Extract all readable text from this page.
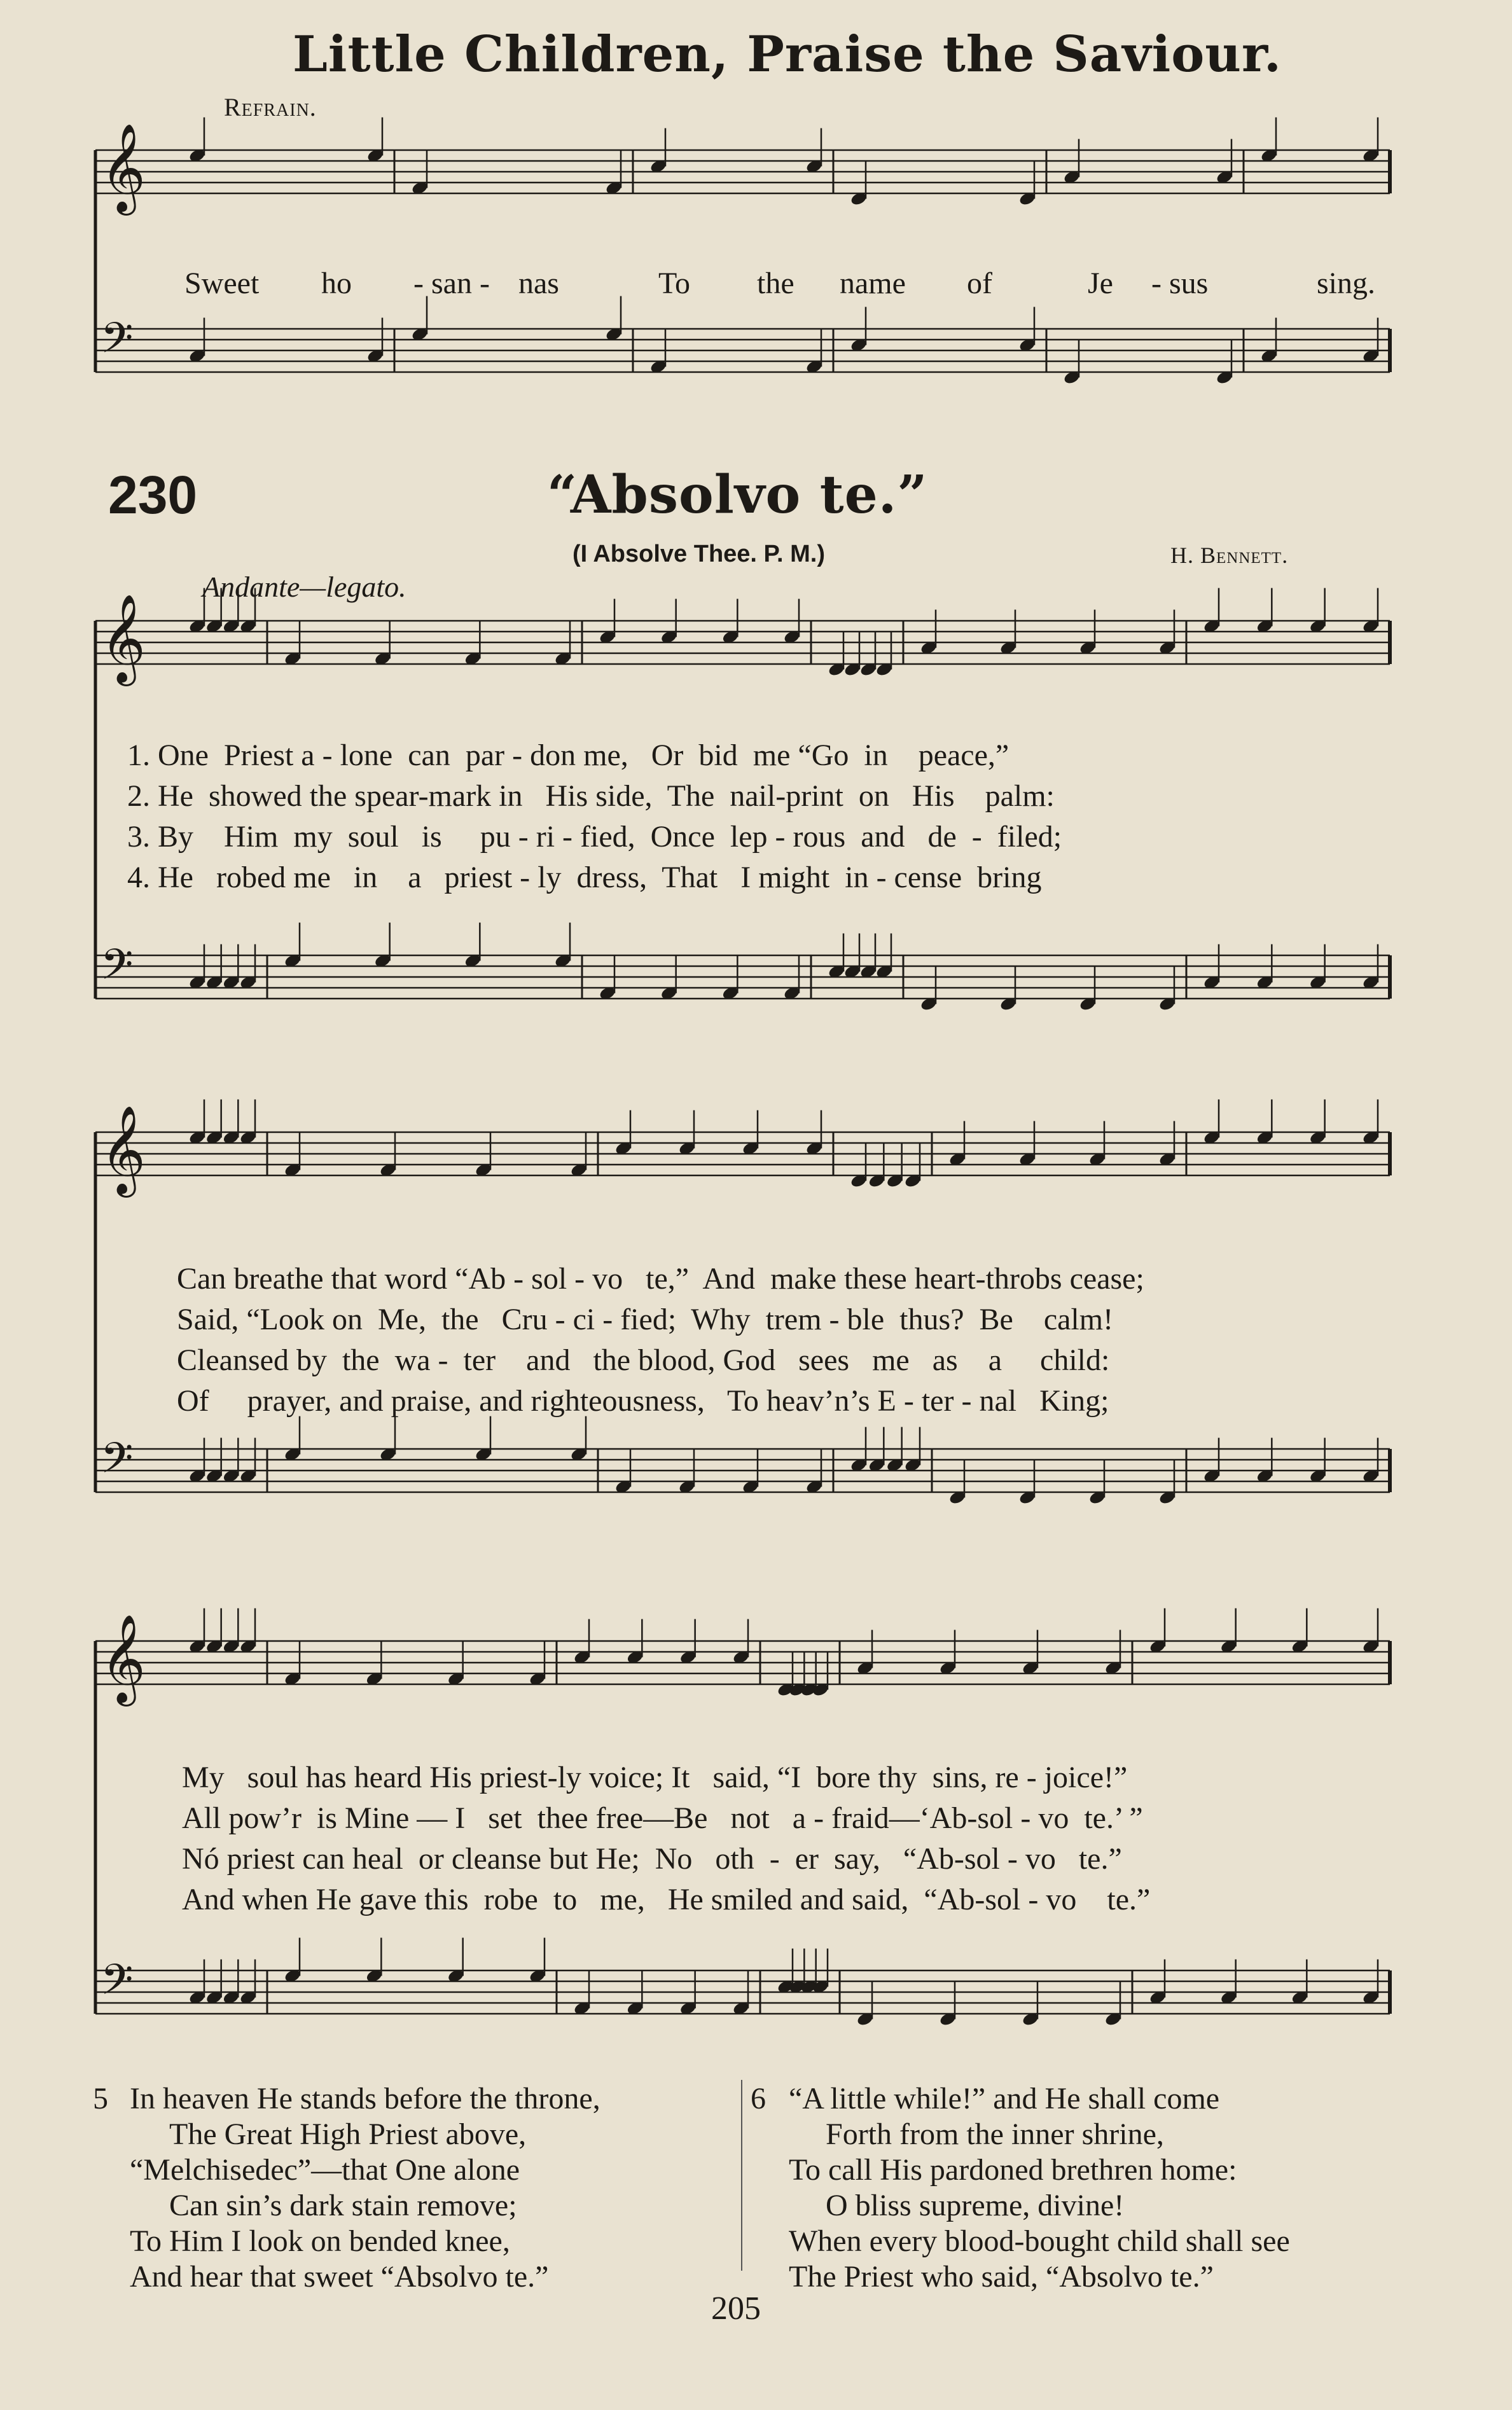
𝄞
𝄢
𝄞
𝄢
𝄞
𝄢
𝄞
𝄢
Little Children, Praise the Saviour.
Refrain.
Sweet ho - san - nas	To the name of	Je - sus	sing.
230	“Absolvo te.”
(I Absolve Thee. P. M.)	H. Bennett.
Andante—legato.
1. One  Priest a - lone  can  par - don me,   Or  bid  me “Go  in    peace,”
2. He  showed the spear-mark in   His side,  The  nail-print  on   His    palm:
3. By    Him  my  soul   is     pu - ri - fied,  Once  lep - rous  and   de  -  filed;
4. He   robed me   in    a   priest - ly  dress,  That   I might  in - cense  bring
Can breathe that word “Ab - sol - vo   te,”  And  make these heart-throbs cease;
Said, “Look on  Me,  the   Cru - ci - fied;  Why  trem - ble  thus?  Be    calm!
Cleansed by  the  wa -  ter    and   the blood, God   sees   me   as    a     child:
Of     prayer, and praise, and righteousness,   To heav’n’s E - ter - nal   King;
My   soul has heard His priest-ly voice; It   said, “I  bore thy  sins, re - joice!”
All pow’r  is Mine — I   set  thee free—Be   not   a - fraid—‘Ab-sol - vo  te.’ ”
Nó priest can heal  or cleanse but He;  No   oth  -  er  say,   “Ab-sol - vo   te.”
And when He gave this  robe  to   me,   He smiled and said,  “Ab-sol - vo    te.”
5 In heaven He stands before the throne,
The Great High Priest above,
“Melchisedec”—that One alone
Can sin’s dark stain remove;
To Him I look on bended knee,
And hear that sweet “Absolvo te.”
6 “A little while!” and He shall come
Forth from the inner shrine,
To call His pardoned brethren home:
O bliss supreme, divine!
When every blood-bought child shall see
The Priest who said, “Absolvo te.”
205
